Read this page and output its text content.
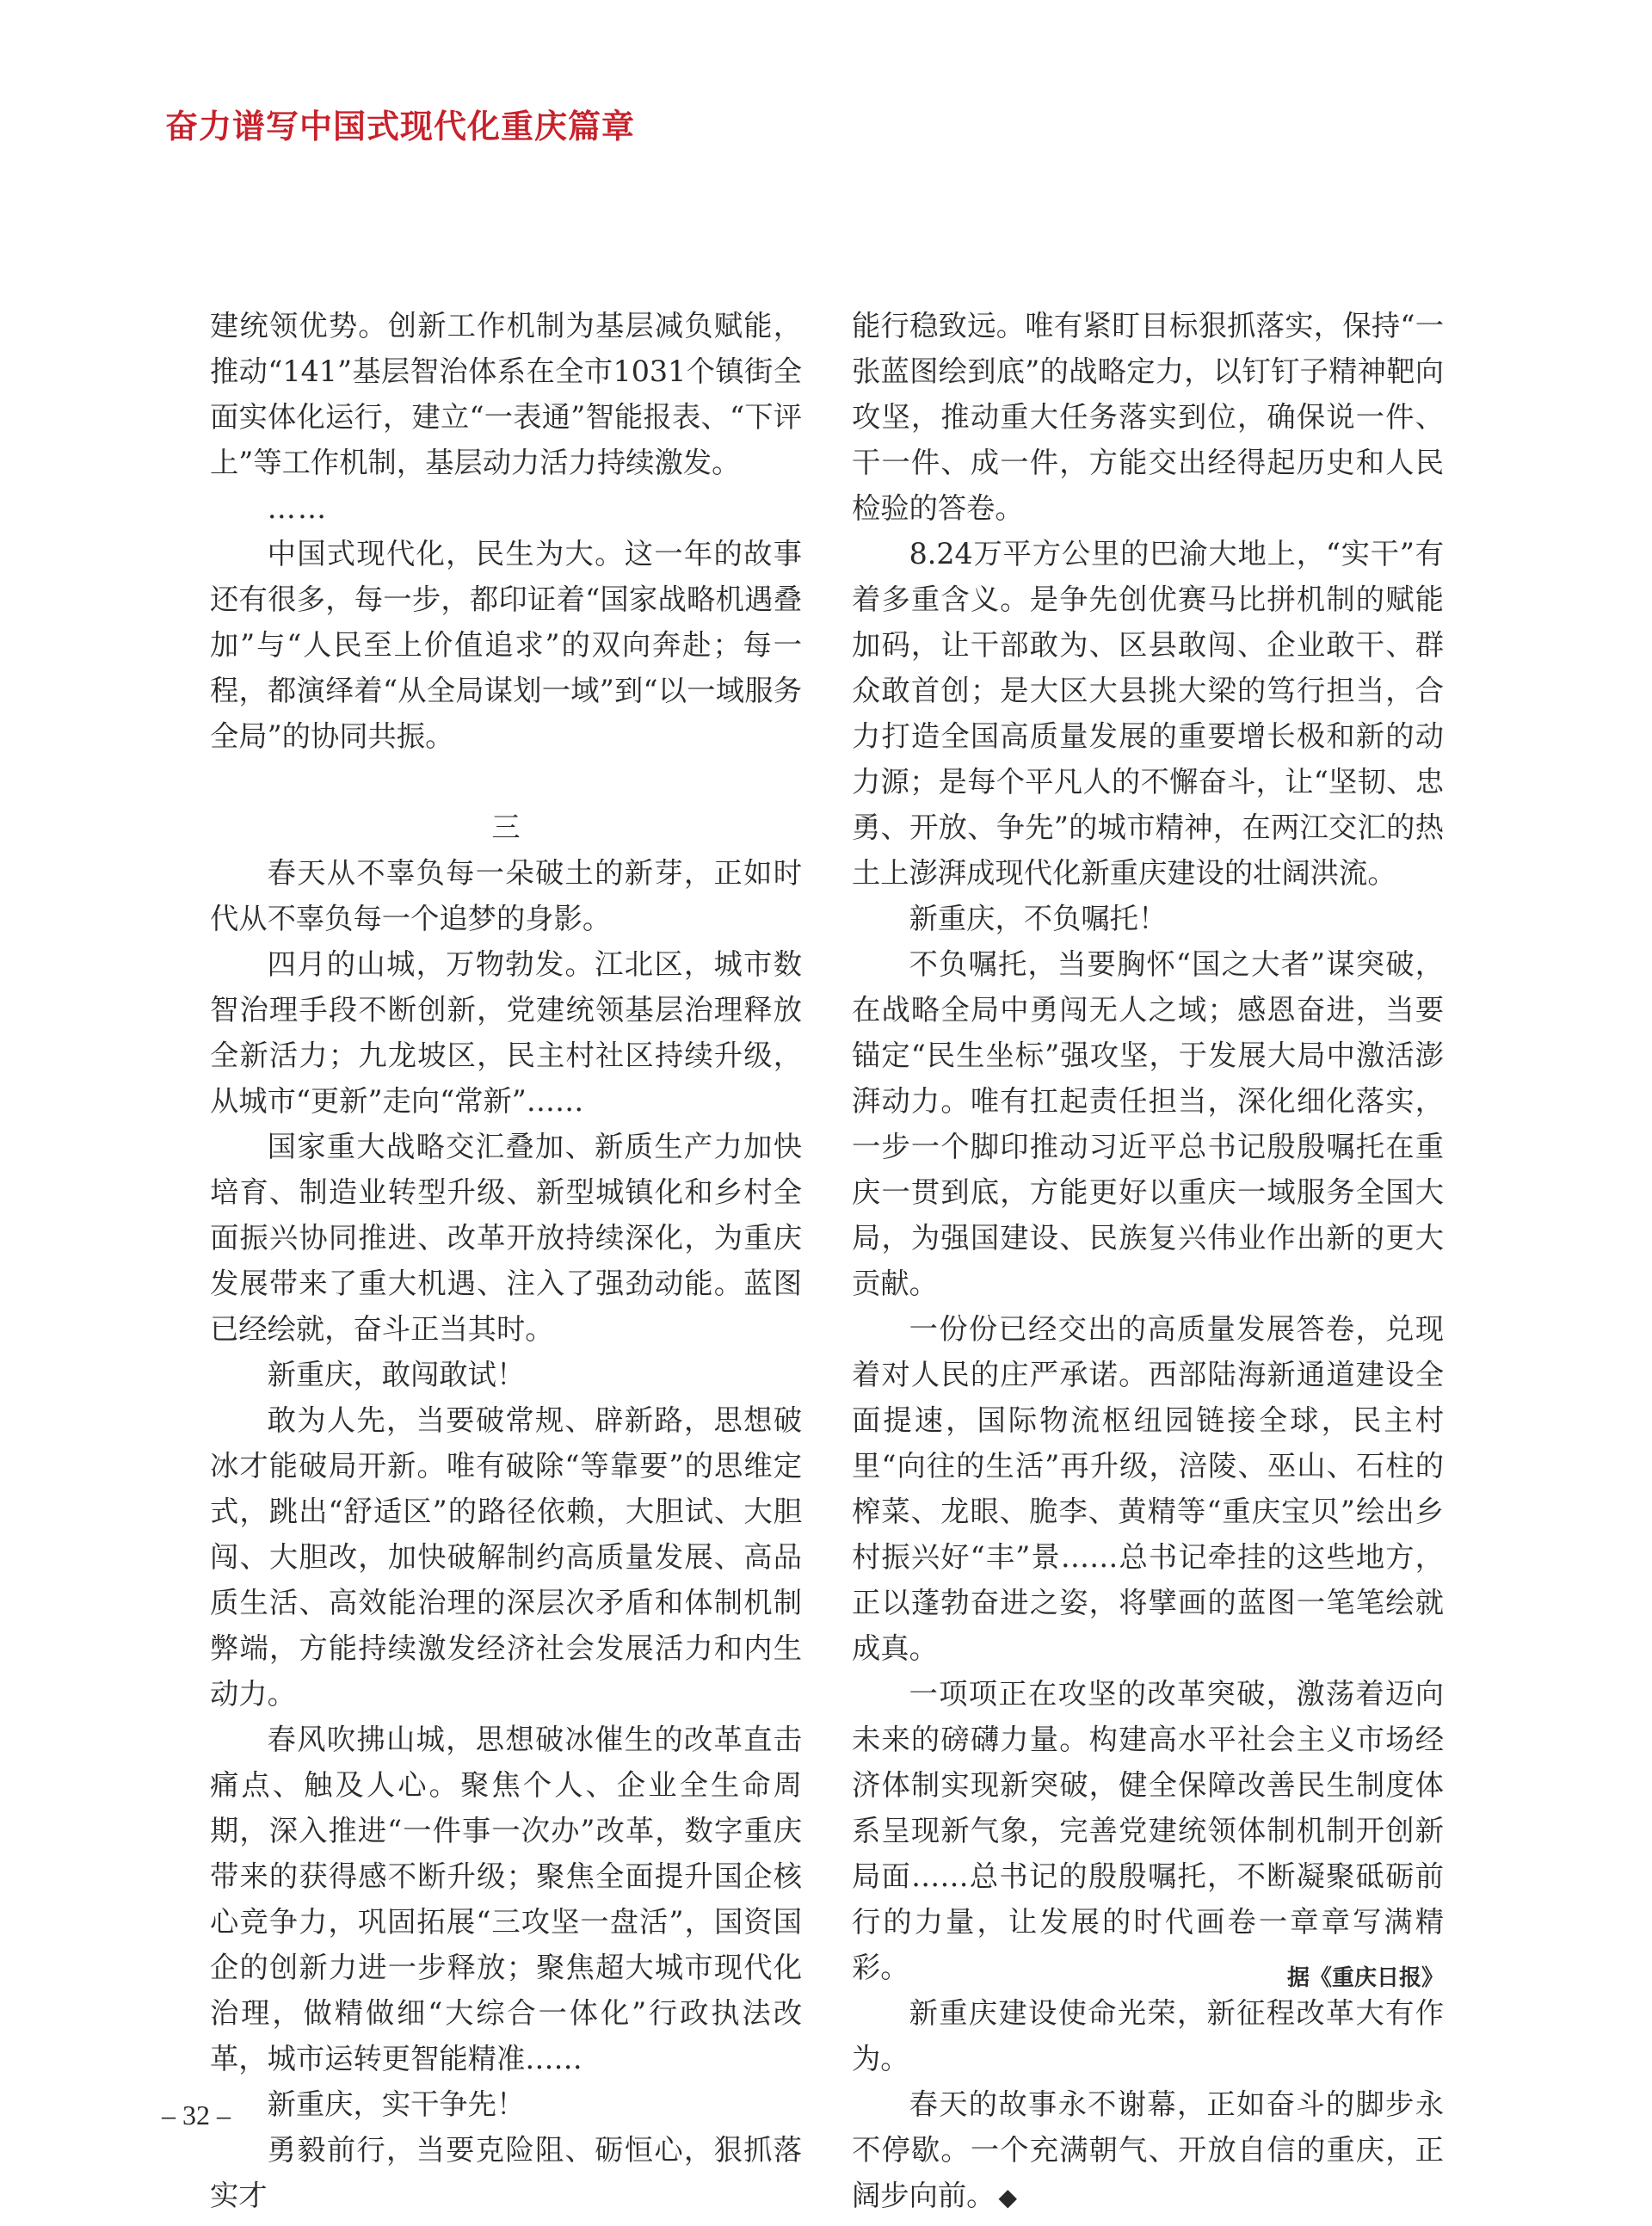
奋力谱写中国式现代化重庆篇章

建统领优势。创新工作机制为基层减负赋能，推动“141”基层智治体系在全市1031个镇街全面实体化运行，建立“一表通”智能报表、“下评上”等工作机制，基层动力活力持续激发。

……

中国式现代化，民生为大。这一年的故事还有很多，每一步，都印证着“国家战略机遇叠加”与“人民至上价值追求”的双向奔赴；每一程，都演绎着“从全局谋划一域”到“以一域服务全局”的协同共振。

三

春天从不辜负每一朵破土的新芽，正如时代从不辜负每一个追梦的身影。

四月的山城，万物勃发。江北区，城市数智治理手段不断创新，党建统领基层治理释放全新活力；九龙坡区，民主村社区持续升级，从城市“更新”走向“常新”……

国家重大战略交汇叠加、新质生产力加快培育、制造业转型升级、新型城镇化和乡村全面振兴协同推进、改革开放持续深化，为重庆发展带来了重大机遇、注入了强劲动能。蓝图已经绘就，奋斗正当其时。

新重庆，敢闯敢试！

敢为人先，当要破常规、辟新路，思想破冰才能破局开新。唯有破除“等靠要”的思维定式，跳出“舒适区”的路径依赖，大胆试、大胆闯、大胆改，加快破解制约高质量发展、高品质生活、高效能治理的深层次矛盾和体制机制弊端，方能持续激发经济社会发展活力和内生动力。

春风吹拂山城，思想破冰催生的改革直击痛点、触及人心。聚焦个人、企业全生命周期，深入推进“一件事一次办”改革，数字重庆带来的获得感不断升级；聚焦全面提升国企核心竞争力，巩固拓展“三攻坚一盘活”，国资国企的创新力进一步释放；聚焦超大城市现代化治理，做精做细“大综合一体化”行政执法改革，城市运转更智能精准……

新重庆，实干争先！

勇毅前行，当要克险阻、砺恒心，狠抓落实才

能行稳致远。唯有紧盯目标狠抓落实，保持“一张蓝图绘到底”的战略定力，以钉钉子精神靶向攻坚，推动重大任务落实到位，确保说一件、干一件、成一件，方能交出经得起历史和人民检验的答卷。

8.24万平方公里的巴渝大地上，“实干”有着多重含义。是争先创优赛马比拼机制的赋能加码，让干部敢为、区县敢闯、企业敢干、群众敢首创；是大区大县挑大梁的笃行担当，合力打造全国高质量发展的重要增长极和新的动力源；是每个平凡人的不懈奋斗，让“坚韧、忠勇、开放、争先”的城市精神，在两江交汇的热土上澎湃成现代化新重庆建设的壮阔洪流。

新重庆，不负嘱托！

不负嘱托，当要胸怀“国之大者”谋突破，在战略全局中勇闯无人之域；感恩奋进，当要锚定“民生坐标”强攻坚，于发展大局中激活澎湃动力。唯有扛起责任担当，深化细化落实，一步一个脚印推动习近平总书记殷殷嘱托在重庆一贯到底，方能更好以重庆一域服务全国大局，为强国建设、民族复兴伟业作出新的更大贡献。

一份份已经交出的高质量发展答卷，兑现着对人民的庄严承诺。西部陆海新通道建设全面提速，国际物流枢纽园链接全球，民主村里“向往的生活”再升级，涪陵、巫山、石柱的榨菜、龙眼、脆李、黄精等“重庆宝贝”绘出乡村振兴好“丰”景……总书记牵挂的这些地方，正以蓬勃奋进之姿，将擘画的蓝图一笔笔绘就成真。

一项项正在攻坚的改革突破，激荡着迈向未来的磅礴力量。构建高水平社会主义市场经济体制实现新突破，健全保障改善民生制度体系呈现新气象，完善党建统领体制机制开创新局面……总书记的殷殷嘱托，不断凝聚砥砺前行的力量，让发展的时代画卷一章章写满精彩。

新重庆建设使命光荣，新征程改革大有作为。

春天的故事永不谢幕，正如奋斗的脚步永不停歇。一个充满朝气、开放自信的重庆，正阔步向前。 ◆

据《重庆日报》
– 32 –
